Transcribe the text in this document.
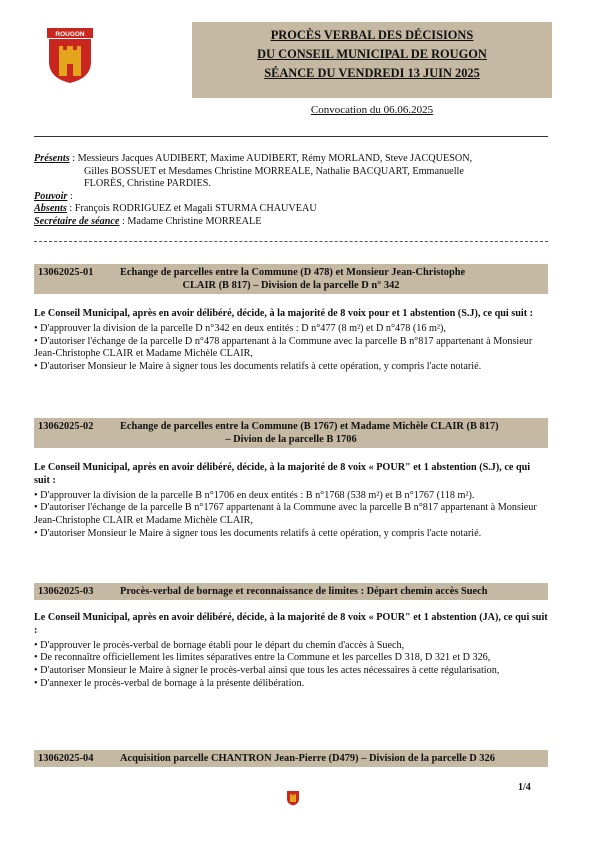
ROUGON	PROCÈS VERBAL DES DÉCISIONS
DU CONSEIL MUNICIPAL DE ROUGON
SÉANCE DU VENDREDI 13 JUIN 2025
Convocation du 06.06.2025

Présents : Messieurs Jacques AUDIBERT, Maxime AUDIBERT, Rémy MORLAND, Steve JACQUESON,

Gilles BOSSUET et Mesdames Christine MORREALE, Nathalie BACQUART, Emmanuelle

FLORÈS, Christine PARDIES.

Pouvoir :

Absents : François RODRIGUEZ et Magali STURMA CHAUVEAU

Secrétaire de séance : Madame Christine MORREALE

13062025-01	Echange de parcelles entre la Commune (D 478) et Monsieur Jean-Christophe
CLAIR (B 817) – Division de la parcelle D n° 342

Le Conseil Municipal, après en avoir délibéré, décide, à la majorité de 8 voix pour et 1 abstention (S.J), ce qui suit :

• D'approuver la division de la parcelle D n°342 en deux entités : D n°477 (8 m²) et D n°478 (16 m²),
• D'autoriser l'échange de la parcelle D n°478 appartenant à la Commune avec la parcelle B n°817 appartenant à Monsieur Jean-Christophe CLAIR et Madame Michèle CLAIR,
• D'autoriser Monsieur le Maire à signer tous les documents relatifs à cette opération, y compris l'acte notarié.
13062025-02	Echange de parcelles entre la Commune (B 1767) et Madame Michèle CLAIR (B 817)
– Divion de la parcelle B 1706

Le Conseil Municipal, après en avoir délibéré, décide, à la majorité de 8 voix « POUR" et 1 abstention (S.J), ce qui suit :

• D'approuver la division de la parcelle B n°1706 en deux entités : B n°1768 (538 m²) et B n°1767 (118 m²).
• D'autoriser l'échange de la parcelle B n°1767 appartenant à la Commune avec la parcelle B n°817 appartenant à Monsieur Jean-Christophe CLAIR et Madame Michèle CLAIR,
• D'autoriser Monsieur le Maire à signer tous les documents relatifs à cette opération, y compris l'acte notarié.
13062025-03	Procès-verbal de bornage et reconnaissance de limites : Départ chemin accès Suech

Le Conseil Municipal, après en avoir délibéré, décide, à la majorité de 8 voix « POUR" et 1 abstention (JA), ce qui suit :

• D'approuver le procès-verbal de bornage établi pour le départ du chemin d'accès à Suech,
• De reconnaître officiellement les limites séparatives entre la Commune et les parcelles D 318, D 321 et D 326,
• D'autoriser Monsieur le Maire à signer le procès-verbal ainsi que tous les actes nécessaires à cette régularisation,
• D'annexer le procès-verbal de bornage à la présente délibération.
13062025-04	Acquisition parcelle CHANTRON Jean-Pierre (D479) – Division de la parcelle D 326
1/4
